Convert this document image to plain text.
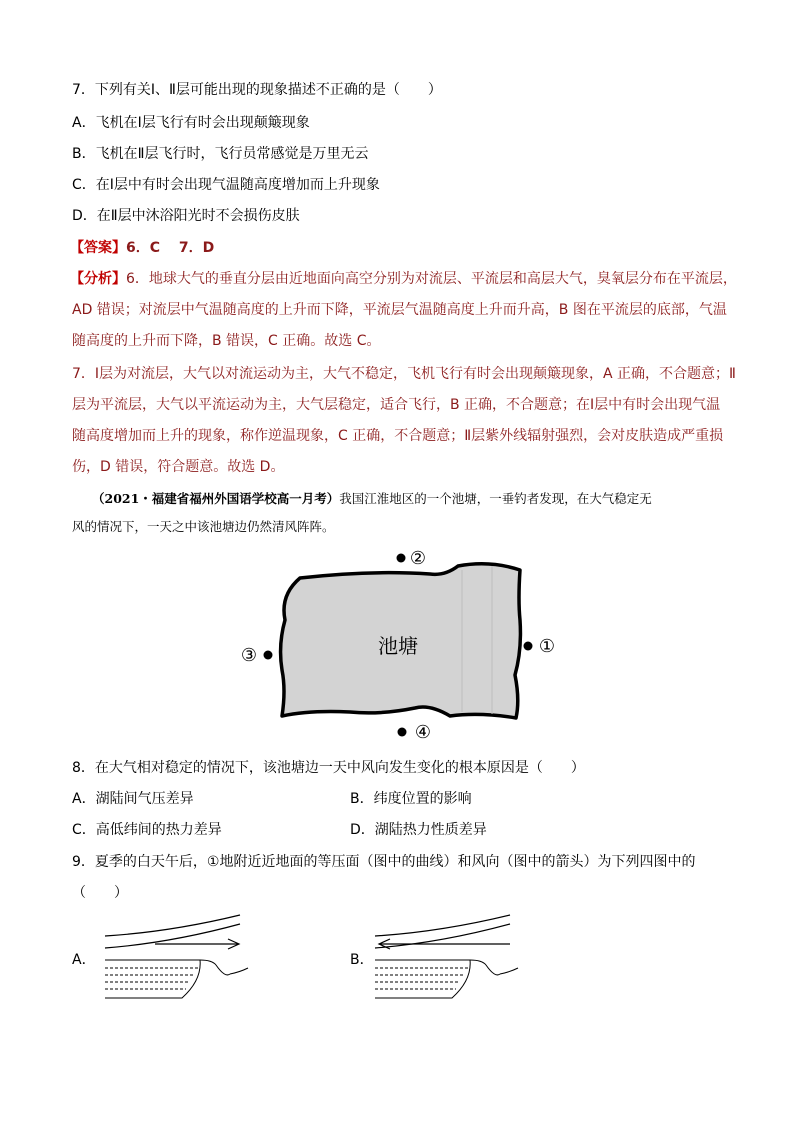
7．下列有关Ⅰ、Ⅱ层可能出现的现象描述不正确的是（　　）
A．飞机在Ⅰ层飞行有时会出现颠簸现象
B．飞机在Ⅱ层飞行时，飞行员常感觉是万里无云
C．在Ⅰ层中有时会出现气温随高度增加而上升现象
D．在Ⅱ层中沐浴阳光时不会损伤皮肤
【答案】6．C　 7．D
【分析】6．地球大气的垂直分层由近地面向高空分别为对流层、平流层和高层大气，臭氧层分布在平流层，
AD 错误；对流层中气温随高度的上升而下降，平流层气温随高度上升而升高，B 图在平流层的底部，气温
随高度的上升而下降，B 错误，C 正确。故选 C。
7．Ⅰ层为对流层，大气以对流运动为主，大气不稳定，飞机飞行有时会出现颠簸现象，A 正确，不合题意；Ⅱ
层为平流层，大气以平流运动为主，大气层稳定，适合飞行，B 正确，不合题意；在Ⅰ层中有时会出现气温
随高度增加而上升的现象，称作逆温现象，C 正确，不合题意；Ⅱ层紫外线辐射强烈，会对皮肤造成严重损
伤，D 错误，符合题意。故选 D。
（2021・福建省福州外国语学校高一月考）我国江淮地区的一个池塘，一垂钓者发现，在大气稳定无
风的情况下，一天之中该池塘边仍然清风阵阵。
池塘
②
①
③
④
8．在大气相对稳定的情况下，该池塘边一天中风向发生变化的根本原因是（　　）
A．湖陆间气压差异	B．纬度位置的影响
C．高低纬间的热力差异	D．湖陆热力性质差异
9．夏季的白天午后，①地附近近地面的等压面（图中的曲线）和风向（图中的箭头）为下列四图中的
（　　）
A．	B．
